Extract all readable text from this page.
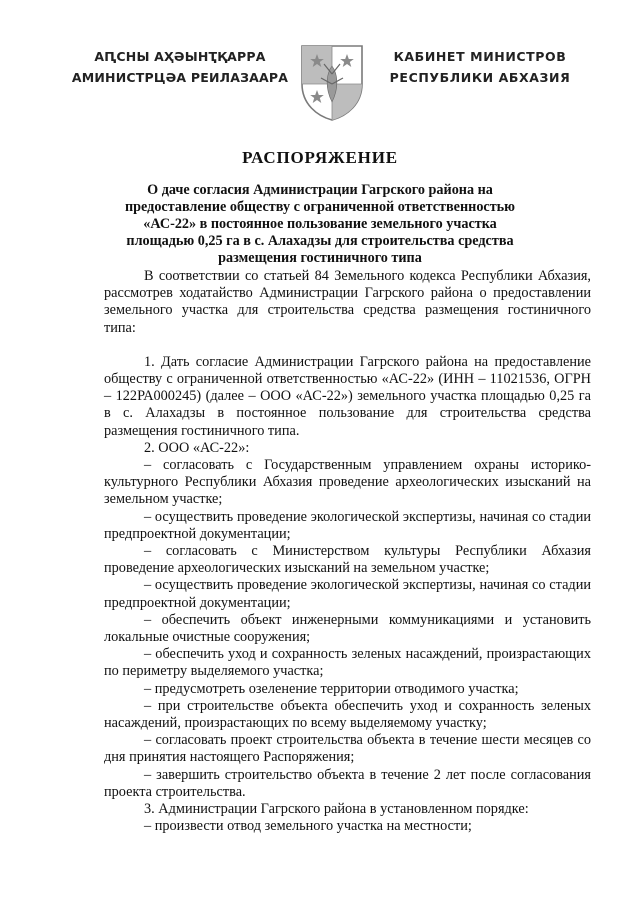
АԤСНЫ АҲӘЫНҬҚАРРА
АМИНИСТРЦӘА РЕИЛАЗААРА
КАБИНЕТ МИНИСТРОВ
РЕСПУБЛИКИ АБХАЗИЯ
РАСПОРЯЖЕНИЕ
О даче согласия Администрации Гагрского района на предоставление обществу с ограниченной ответственностью «АС-22» в постоянное пользование земельного участка площадью 0,25 га в с. Алахадзы для строительства средства размещения гостиничного типа

В соответствии со статьей 84 Земельного кодекса Республики Абхазия, рассмотрев ходатайство Администрации Гагрского района о предоставлении земельного участка для строительства средства размещения гостиничного типа:

1. Дать согласие Администрации Гагрского района на предоставление обществу с ограниченной ответственностью «АС-22» (ИНН – 11021536, ОГРН – 122РА000245) (далее – ООО «АС-22») земельного участка площадью 0,25 га в с. Алахадзы в постоянное пользование для строительства средства размещения гостиничного типа.

2. ООО «АС-22»:

– согласовать с Государственным управлением охраны историко-культурного Республики Абхазия проведение археологических изысканий на земельном участке;

– осуществить проведение экологической экспертизы, начиная со стадии предпроектной документации;

– согласовать с Министерством культуры Республики Абхазия проведение археологических изысканий на земельном участке;

– осуществить проведение экологической экспертизы, начиная со стадии предпроектной документации;

– обеспечить объект инженерными коммуникациями и установить локальные очистные сооружения;

– обеспечить уход и сохранность зеленых насаждений, произрастающих по периметру выделяемого участка;

– предусмотреть озеленение территории отводимого участка;

– при строительстве объекта обеспечить уход и сохранность зеленых насаждений, произрастающих по всему выделяемому участку;

– согласовать проект строительства объекта в течение шести месяцев со дня принятия настоящего Распоряжения;

– завершить строительство объекта в течение 2 лет после согласования проекта строительства.

3. Администрации Гагрского района в установленном порядке:

– произвести отвод земельного участка на местности;
